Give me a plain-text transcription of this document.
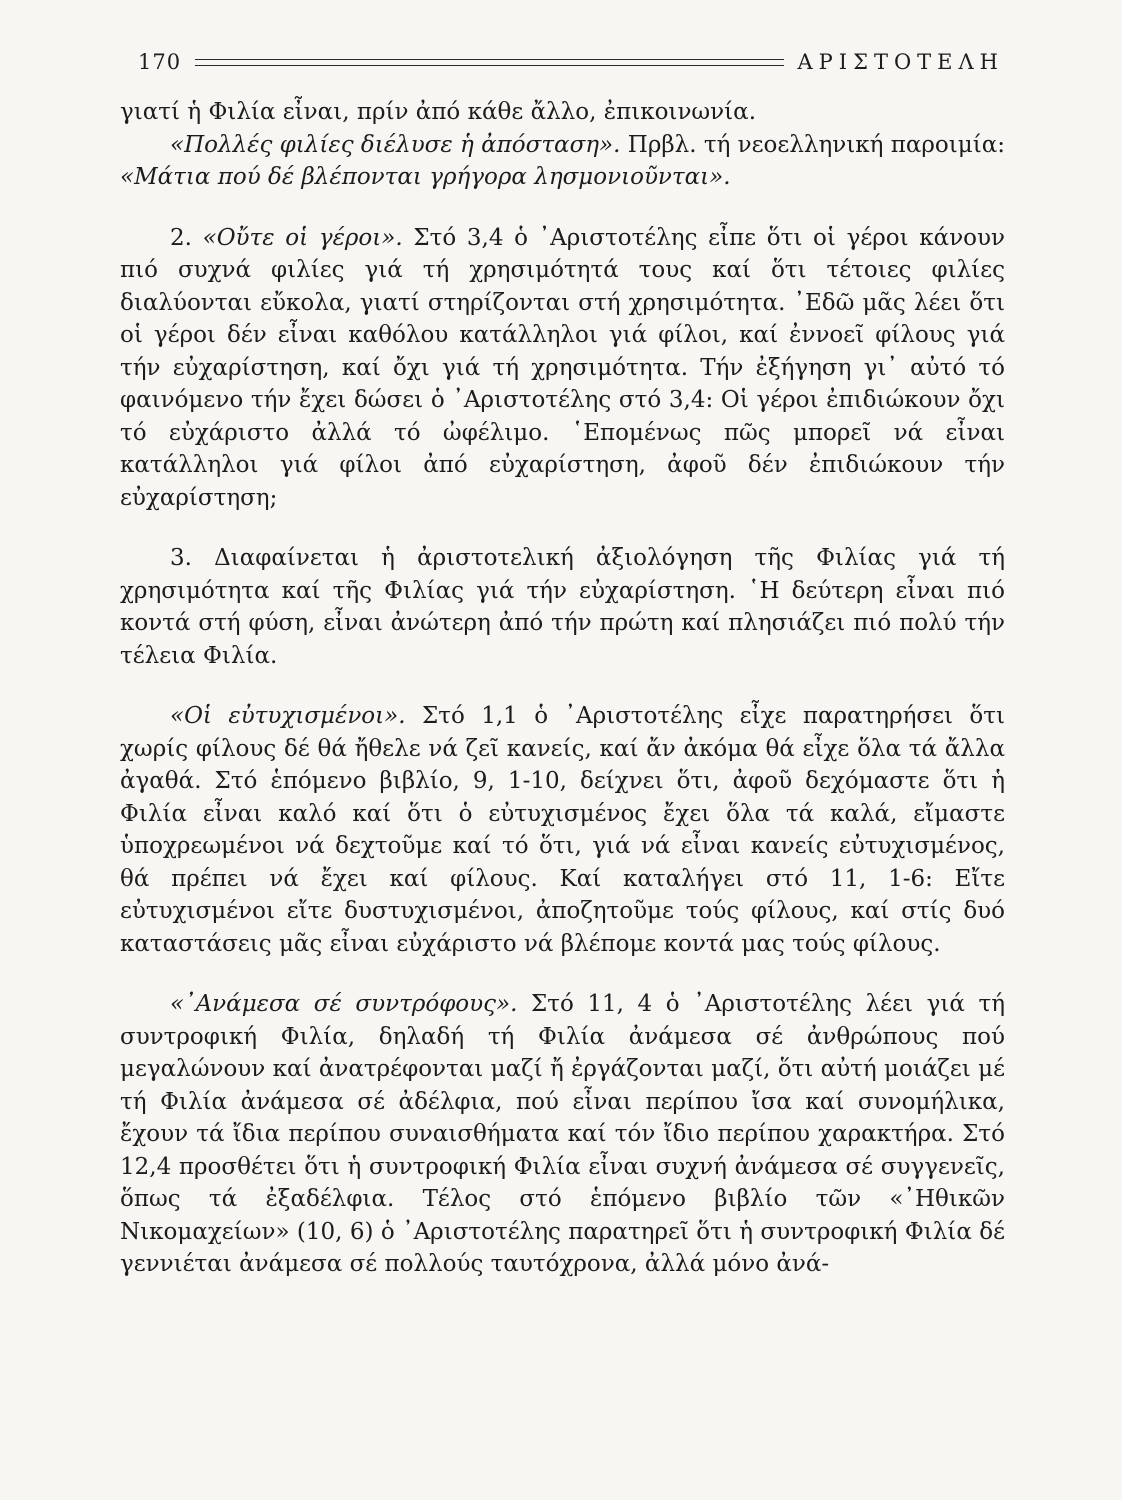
170	ΑΡΙΣΤΟΤΕΛΗ

γιατί ἡ Φιλία εἶναι, πρίν ἀπό κάθε ἄλλο, ἐπικοινωνία.

«Πολλές φιλίες διέλυσε ἡ ἀπόσταση». Πρβλ. τή νεοελληνική παροιμία: «Μάτια πού δέ βλέπονται γρήγορα λησμονιοῦνται».

2. «Οὔτε οἱ γέροι». Στό 3,4 ὁ ᾿Αριστοτέλης εἶπε ὅτι οἱ γέροι κάνουν πιό συχνά φιλίες γιά τή χρησιμότητά τους καί ὅτι τέτοιες φιλίες διαλύονται εὔκολα, γιατί στηρίζονται στή χρησιμότητα. ᾿Εδῶ μᾶς λέει ὅτι οἱ γέροι δέν εἶναι καθόλου κατάλληλοι γιά φίλοι, καί ἐννοεῖ φίλους γιά τήν εὐχαρίστηση, καί ὄχι γιά τή χρησιμότητα. Τήν ἐξήγηση γι᾿ αὐτό τό φαινόμενο τήν ἔχει δώσει ὁ ᾿Αριστοτέλης στό 3,4: Οἱ γέροι ἐπιδιώκουν ὄχι τό εὐχάριστο ἀλλά τό ὠφέλιμο. ῾Επομένως πῶς μπορεῖ νά εἶναι κατάλληλοι γιά φίλοι ἀπό εὐχαρίστηση, ἀφοῦ δέν ἐπιδιώκουν τήν εὐχαρίστηση;

3. Διαφαίνεται ἡ ἀριστοτελική ἀξιολόγηση τῆς Φιλίας γιά τή χρησιμότητα καί τῆς Φιλίας γιά τήν εὐχαρίστηση. ῾Η δεύτερη εἶναι πιό κοντά στή φύση, εἶναι ἀνώτερη ἀπό τήν πρώτη καί πλησιάζει πιό πολύ τήν τέλεια Φιλία.

«Οἱ εὐτυχισμένοι». Στό 1,1 ὁ ᾿Αριστοτέλης εἶχε παρατηρήσει ὅτι χωρίς φίλους δέ θά ἤθελε νά ζεῖ κανείς, καί ἄν ἀκόμα θά εἶχε ὅλα τά ἄλλα ἀγαθά. Στό ἑπόμενο βιβλίο, 9, 1-10, δείχνει ὅτι, ἀφοῦ δεχόμαστε ὅτι ἡ Φιλία εἶναι καλό καί ὅτι ὁ εὐτυχισμένος ἔχει ὅλα τά καλά, εἴμαστε ὑποχρεωμένοι νά δεχτοῦμε καί τό ὅτι, γιά νά εἶναι κανείς εὐτυχισμένος, θά πρέπει νά ἔχει καί φίλους. Καί καταλήγει στό 11, 1-6: Εἴτε εὐτυχισμένοι εἴτε δυστυχισμένοι, ἀποζητοῦμε τούς φίλους, καί στίς δυό καταστάσεις μᾶς εἶναι εὐχάριστο νά βλέπομε κοντά μας τούς φίλους.

«᾿Ανάμεσα σέ συντρόφους». Στό 11, 4 ὁ ᾿Αριστοτέλης λέει γιά τή συντροφική Φιλία, δηλαδή τή Φιλία ἀνάμεσα σέ ἀνθρώπους πού μεγαλώνουν καί ἀνατρέφονται μαζί ἤ ἐργάζονται μαζί, ὅτι αὐτή μοιάζει μέ τή Φιλία ἀνάμεσα σέ ἀδέλφια, πού εἶναι περίπου ἴσα καί συνομήλικα, ἔχουν τά ἴδια περίπου συναισθήματα καί τόν ἴδιο περίπου χαρακτήρα. Στό 12,4 προσθέτει ὅτι ἡ συντροφική Φιλία εἶναι συχνή ἀνάμεσα σέ συγγενεῖς, ὅπως τά ἐξαδέλφια. Τέλος στό ἑπόμενο βιβλίο τῶν «᾿Ηθικῶν Νικομαχείων» (10, 6) ὁ ᾿Αριστοτέλης παρατηρεῖ ὅτι ἡ συντροφική Φιλία δέ γεννιέται ἀνάμεσα σέ πολλούς ταυτόχρονα, ἀλλά μόνο ἀνά-
